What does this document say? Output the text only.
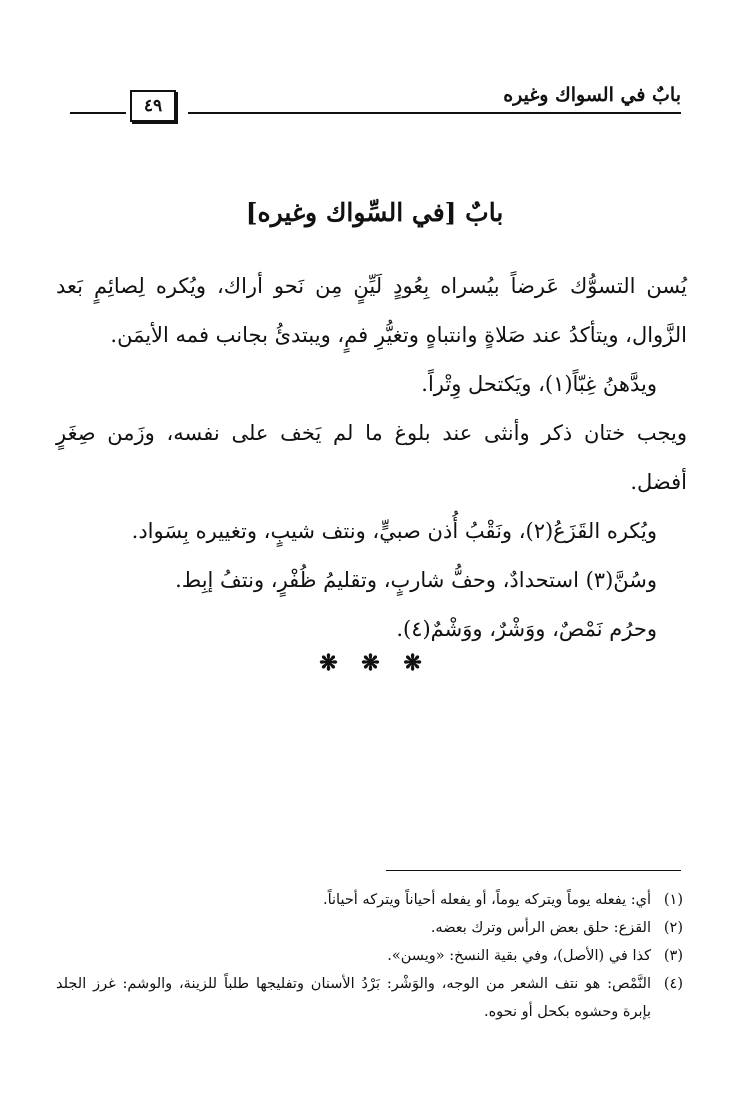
بابٌ في السواك وغيره
٤٩
بابٌ [في السِّواك وغيره]

يُسن التسوُّك عَرضاً بيُسراه بِعُودٍ لَيِّنٍ مِن نَحو أراك، ويُكره لِصائِمٍ بَعد الزَّوال، ويتأكدُ عند صَلاةٍ وانتباهٍ وتغيُّرِ فمٍ، ويبتدئُ بجانب فمه الأيمَن.

ويدَّهنُ غِبّاً(١)، ويَكتحل وِتْراً.

ويجب ختان ذكر وأنثى عند بلوغ ما لم يَخف على نفسه، وزَمن صِغَرٍ أفضل.

ويُكره القَزَعُ(٢)، ونَقْبُ أُذن صبيٍّ، ونتف شيبٍ، وتغييره بِسَواد.

وسُنَّ(٣) استحدادٌ، وحفُّ شاربٍ، وتقليمُ ظُفْرٍ، ونتفُ إبِط.

وحرُم نَمْصٌ، ووَشْرٌ، ووَشْمٌ(٤).

❋ ❋ ❋
(١)
أي: يفعله يوماً ويتركه يوماً، أو يفعله أحياناً ويتركه أحياناً.
(٢)
القزع: حلق بعض الرأس وترك بعضه.
(٣)
كذا في (الأصل)، وفي بقية النسخ: «ويسن».
(٤)
النَّمْص: هو نتف الشعر من الوجه، والوَشْر: بَرْدُ الأسنان وتفليجها طلباً للزينة، والوشم: غرز الجلد بإبرة وحشوه بكحل أو نحوه.
